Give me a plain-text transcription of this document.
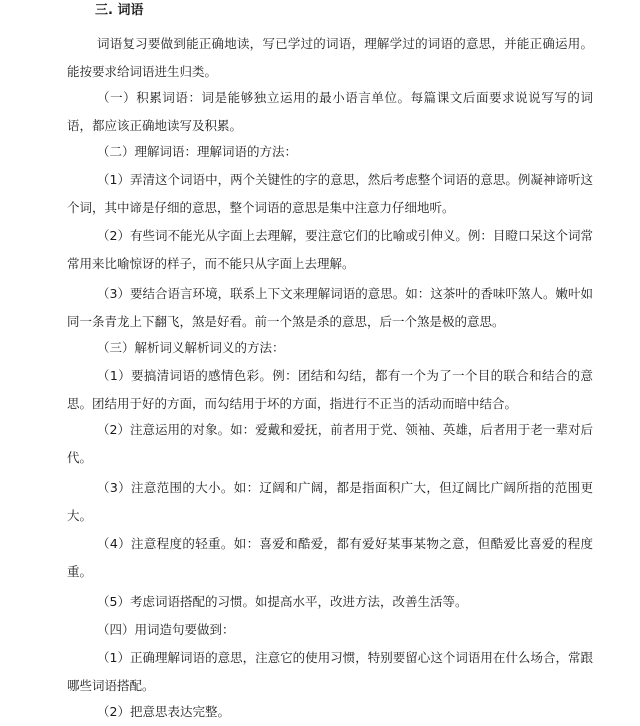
三. 词语

词语复习要做到能正确地读，写已学过的词语，理解学过的词语的意思，并能正确运用。能按要求给词语进生归类。

（一）积累词语：词是能够独立运用的最小语言单位。每篇课文后面要求说说写写的词语，都应该正确地读写及积累。

（二）理解词语：理解词语的方法：

（1）弄清这个词语中，两个关键性的字的意思，然后考虑整个词语的意思。例凝神谛听这个词，其中谛是仔细的意思，整个词语的意思是集中注意力仔细地听。

（2）有些词不能光从字面上去理解，要注意它们的比喻或引伸义。例：目瞪口呆这个词常常用来比喻惊讶的样子，而不能只从字面上去理解。

（3）要结合语言环境，联系上下文来理解词语的意思。如：这茶叶的香味吓煞人。嫩叶如同一条青龙上下翻飞，煞是好看。前一个煞是杀的意思，后一个煞是极的意思。

（三）解析词义解析词义的方法：

（1）要搞清词语的感情色彩。例：团结和勾结，都有一个为了一个目的联合和结合的意思。团结用于好的方面，而勾结用于坏的方面，指进行不正当的活动而暗中结合。

（2）注意运用的对象。如：爱戴和爱抚，前者用于党、领袖、英雄，后者用于老一辈对后代。

（3）注意范围的大小。如：辽阔和广阔，都是指面积广大，但辽阔比广阔所指的范围更大。

（4）注意程度的轻重。如：喜爱和酷爱，都有爱好某事某物之意，但酷爱比喜爱的程度重。

（5）考虑词语搭配的习惯。如提高水平，改进方法，改善生活等。

（四）用词造句要做到：

（1）正确理解词语的意思，注意它的使用习惯，特别要留心这个词语用在什么场合，常跟哪些词语搭配。

（2）把意思表达完整。
